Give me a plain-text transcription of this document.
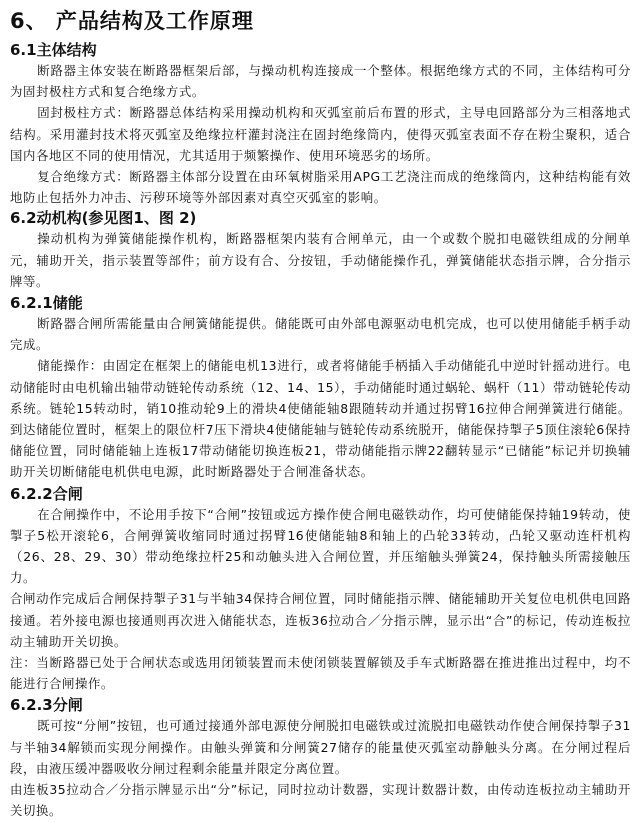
6、 产品结构及工作原理
6.1主体结构

断路器主体安装在断路器框架后部，与操动机构连接成一个整体。根据绝缘方式的不同，主体结构可分为固封极柱方式和复合绝缘方式。

固封极柱方式：断路器总体结构采用操动机构和灭弧室前后布置的形式，主导电回路部分为三相落地式结构。采用灌封技术将灭弧室及绝缘拉杆灌封浇注在固封绝缘筒内，使得灭弧室表面不存在粉尘聚积，适合国内各地区不同的使用情况，尤其适用于频繁操作、使用环境恶劣的场所。

复合绝缘方式：断路器主体部分设置在由环氧树脂采用APG工艺浇注而成的绝缘筒内，这种结构能有效地防止包括外力冲击、污秽环境等外部因素对真空灭弧室的影响。

6.2动机构(参见图1、图 2)

操动机构为弹簧储能操作机构，断路器框架内装有合闸单元，由一个或数个脱扣电磁铁组成的分闸单元，辅助开关，指示装置等部件；前方设有合、分按钮，手动储能操作孔，弹簧储能状态指示牌，合分指示牌等。

6.2.1储能

断路器合闸所需能量由合闸簧储能提供。储能既可由外部电源驱动电机完成，也可以使用储能手柄手动完成。

储能操作：由固定在框架上的储能电机13进行，或者将储能手柄插入手动储能孔中逆时针摇动进行。电动储能时由电机输出轴带动链轮传动系统（12、14、15），手动储能时通过蜗轮、蜗杆（11）带动链轮传动系统。链轮15转动时，销10推动轮9上的滑块4使储能轴8跟随转动并通过拐臂16拉伸合闸弹簧进行储能。到达储能位置时，框架上的限位杆7压下滑块4使储能轴与链轮传动系统脱开，储能保持掣子5顶住滚轮6保持储能位置，同时储能轴上连板17带动储能切换连板21，带动储能指示牌22翻转显示“已储能”标记并切换辅助开关切断储能电机供电电源，此时断路器处于合闸准备状态。

6.2.2合闸

在合闸操作中，不论用手按下“合闸”按钮或远方操作使合闸电磁铁动作，均可使储能保持轴19转动，使掣子5松开滚轮6，合闸弹簧收缩同时通过拐臂16使储能轴8和轴上的凸轮33转动，凸轮又驱动连杆机构（26、28、29、30）带动绝缘拉杆25和动触头进入合闸位置，并压缩触头弹簧24，保持触头所需接触压力。

合闸动作完成后合闸保持掣子31与半轴34保持合闸位置，同时储能指示牌、储能辅助开关复位电机供电回路接通。若外接电源也接通则再次进入储能状态，连板36拉动合／分指示牌，显示出“合”的标记，传动连板拉动主辅助开关切换。

注：当断路器已处于合闸状态或选用闭锁装置而未使闭锁装置解锁及手车式断路器在推进推出过程中，均不能进行合闸操作。

6.2.3分闸

既可按“分闸”按钮，也可通过接通外部电源使分闸脱扣电磁铁或过流脱扣电磁铁动作使合闸保持掣子31与半轴34解锁而实现分闸操作。由触头弹簧和分闸簧27储存的能量使灭弧室动静触头分离。在分闸过程后段，由液压缓冲器吸收分闸过程剩余能量并限定分离位置。

由连板35拉动合／分指示牌显示出“分”标记，同时拉动计数器，实现计数器计数，由传动连板拉动主辅助开关切换。
